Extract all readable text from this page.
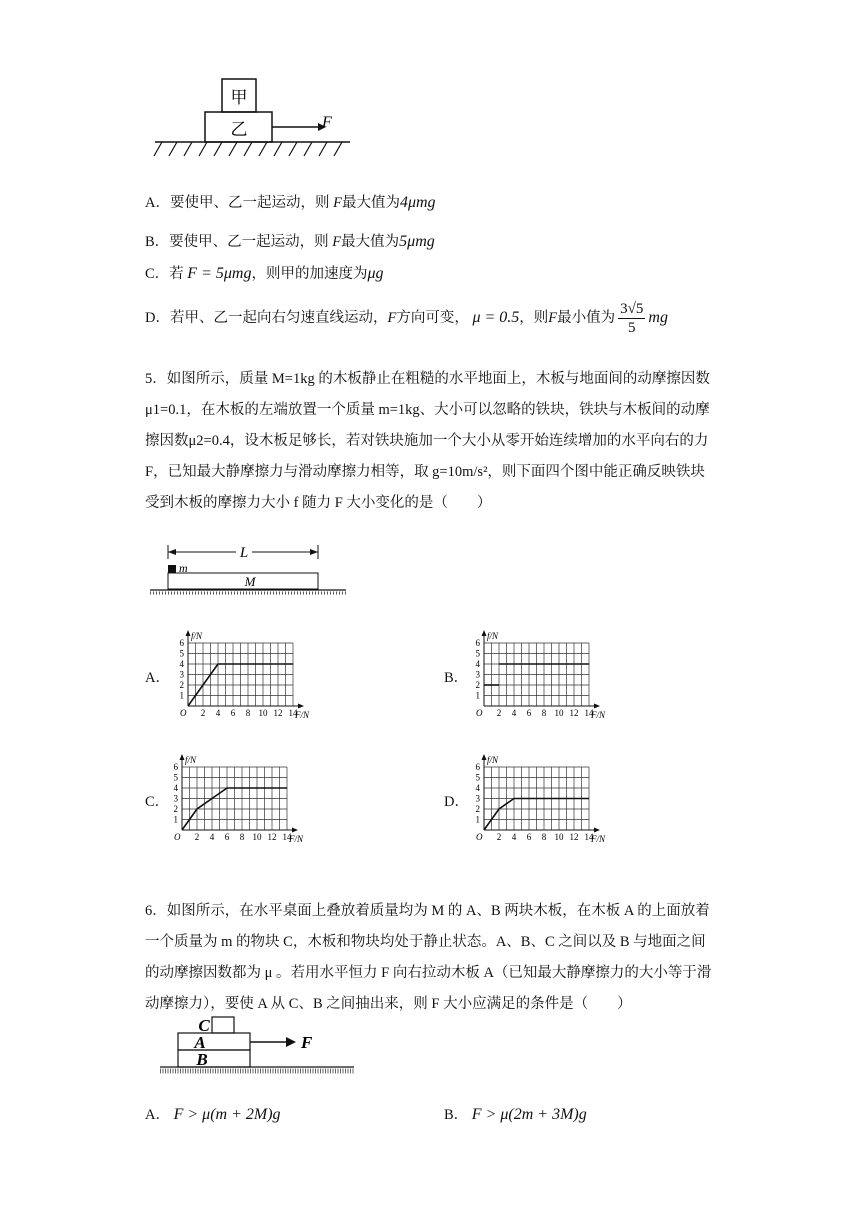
甲
乙	F
A．要使甲、乙一起运动，则 F最大值为4μmg
B．要使甲、乙一起运动，则 F最大值为5μmg
C．若 F = 5μmg，则甲的加速度为μg
D．若甲、乙一起向右匀速直线运动，F方向可变， μ = 0.5，则F最小值为 $\frac{3√5}{5}$ mg
5．如图所示，质量 M=1kg 的木板静止在粗糙的水平地面上，木板与地面间的动摩擦因数μ1=0.1，在木板的左端放置一个质量 m=1kg、大小可以忽略的铁块，铁块与木板间的动摩擦因数μ2=0.4，设木板足够长，若对铁块施加一个大小从零开始连续增加的水平向右的力 F，已知最大静摩擦力与滑动摩擦力相等，取 g=10m/s²，则下面四个图中能正确反映铁块受到木板的摩擦力大小 f 随力 F 大小变化的是（　　）
L
m
M
A．	B．
C．	D．
f/N
F/N
O 2 4 6 8 10 12 14
1
2
3
4
5
6
f/N
F/N
O 2 4 6 8 10 12 14
1
2
3
4
5
6
f/N
F/N
O 2 4 6 8 10 12 14
1
2
3
4
5
6
f/N
F/N
O 2 4 6 8 10 12 14
1
2
3
4
5
6
6．如图所示，在水平桌面上叠放着质量均为 M 的 A、B 两块木板，在木板 A 的上面放着一个质量为 m 的物块 C，木板和物块均处于静止状态。A、B、C 之间以及 B 与地面之间的动摩擦因数都为 μ 。若用水平恒力 F 向右拉动木板 A（已知最大静摩擦力的大小等于滑动摩擦力），要使 A 从 C、B 之间抽出来，则 F 大小应满足的条件是（　　）
C
A
B
F
A． F > μ(m + 2M)g	B． F > μ(2m + 3M)g
